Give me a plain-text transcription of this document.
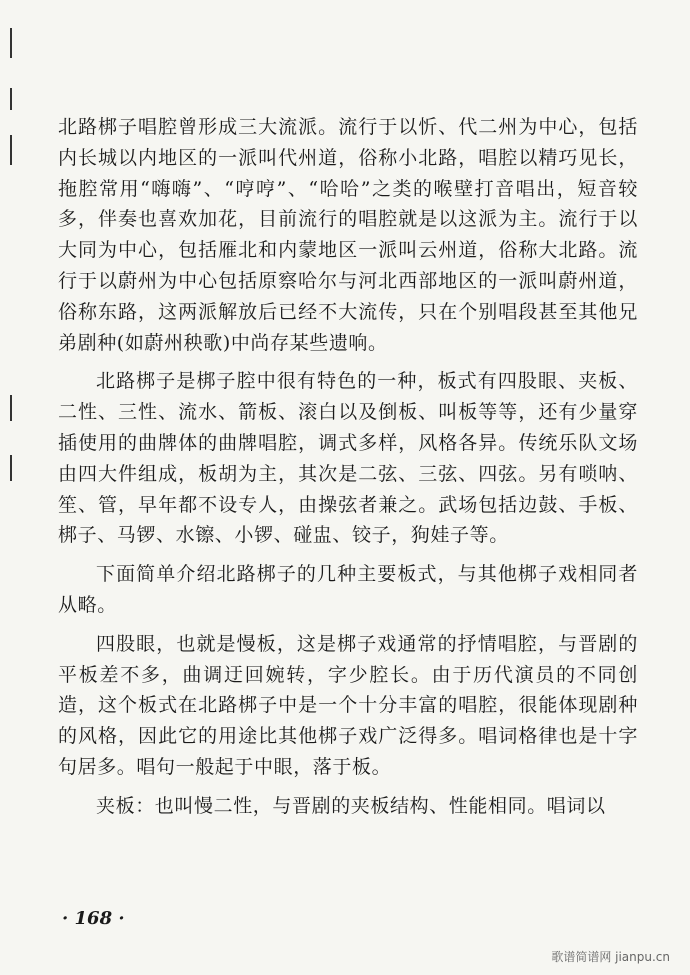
北路梆子唱腔曾形成三大流派。流行于以忻、代二州为中心，包括内长城以内地区的一派叫代州道，俗称小北路，唱腔以精巧见长，拖腔常用“嗨嗨”、“哼哼”、“哈哈”之类的喉壁打音唱出，短音较多，伴奏也喜欢加花，目前流行的唱腔就是以这派为主。流行于以大同为中心，包括雁北和内蒙地区一派叫云州道，俗称大北路。流行于以蔚州为中心包括原察哈尔与河北西部地区的一派叫蔚州道，俗称东路，这两派解放后已经不大流传，只在个别唱段甚至其他兄弟剧种(如蔚州秧歌)中尚存某些遗响。

北路梆子是梆子腔中很有特色的一种，板式有四股眼、夹板、二性、三性、流水、箭板、滚白以及倒板、叫板等等，还有少量穿插使用的曲牌体的曲牌唱腔，调式多样，风格各异。传统乐队文场由四大件组成，板胡为主，其次是二弦、三弦、四弦。另有唢呐、笙、管，早年都不设专人，由操弦者兼之。武场包括边鼓、手板、梆子、马锣、水镲、小锣、碰盅、铰子，狗娃子等。

下面简单介绍北路梆子的几种主要板式，与其他梆子戏相同者从略。

四股眼，也就是慢板，这是梆子戏通常的抒情唱腔，与晋剧的平板差不多，曲调迂回婉转，字少腔长。由于历代演员的不同创造，这个板式在北路梆子中是一个十分丰富的唱腔，很能体现剧种的风格，因此它的用途比其他梆子戏广泛得多。唱词格律也是十字句居多。唱句一般起于中眼，落于板。

夹板：也叫慢二性，与晋剧的夹板结构、性能相同。唱词以

· 168 ·
歌谱简谱网 jianpu.cn
